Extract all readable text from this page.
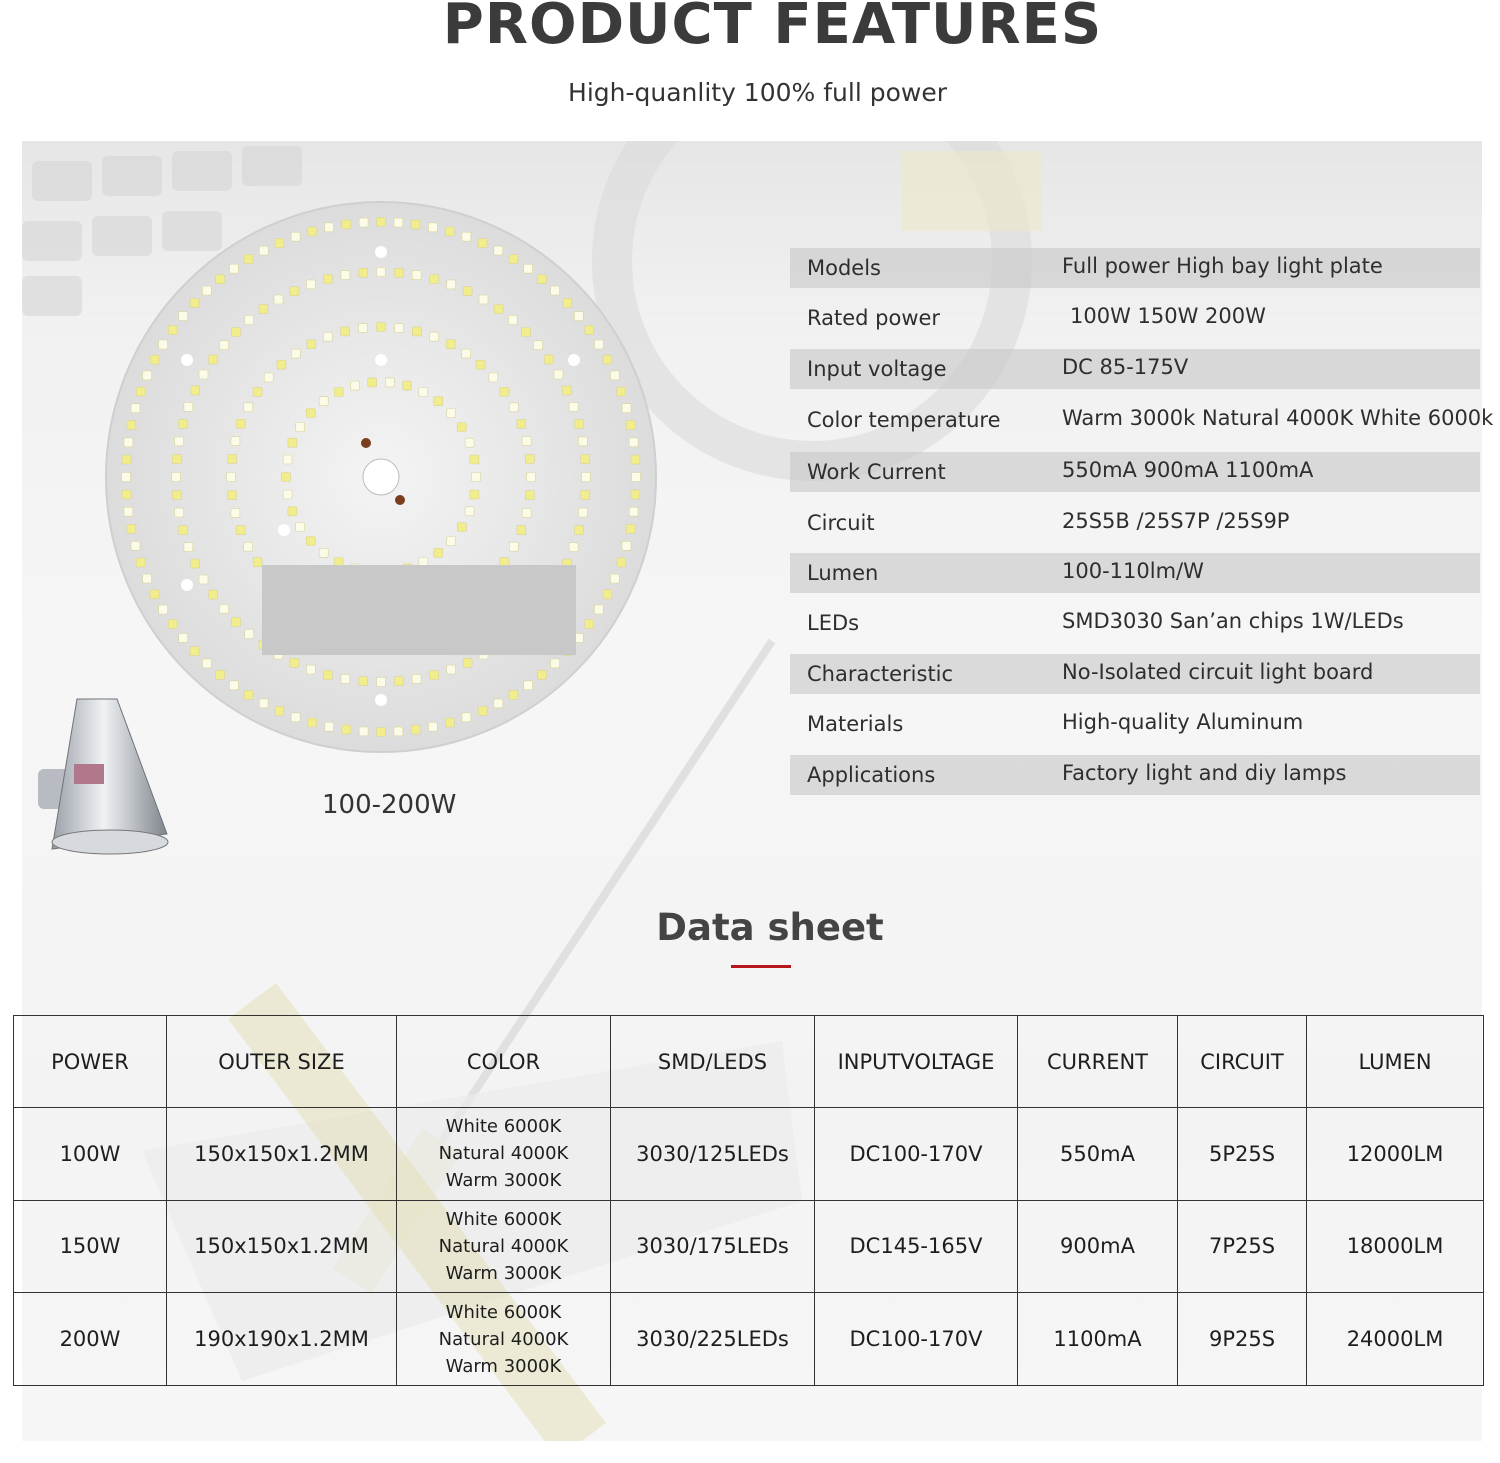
PRODUCT FEATURES
High-quanlity 100% full power
100-200W
Models	Full power High bay light plate
Rated power	100W 150W 200W
Input voltage	DC 85-175V
Color temperature	Warm 3000k Natural 4000K White 6000k
Work Current	550mA 900mA 1100mA
Circuit	25S5B /25S7P /25S9P
Lumen	100-110lm/W
LEDs	SMD3030 San’an chips 1W/LEDs
Characteristic	No-Isolated circuit light board
Materials	High-quality Aluminum
Applications	Factory light and diy lamps
Data sheet
POWER	OUTER SIZE	COLOR	SMD/LEDS	INPUTVOLTAGE	CURRENT	CIRCUIT	LUMEN
100W	150x150x1.2MM	White 6000K
Natural 4000K
Warm 3000K	3030/125LEDs	DC100-170V	550mA	5P25S	12000LM
150W	150x150x1.2MM	White 6000K
Natural 4000K
Warm 3000K	3030/175LEDs	DC145-165V	900mA	7P25S	18000LM
200W	190x190x1.2MM	White 6000K
Natural 4000K
Warm 3000K	3030/225LEDs	DC100-170V	1100mA	9P25S	24000LM
